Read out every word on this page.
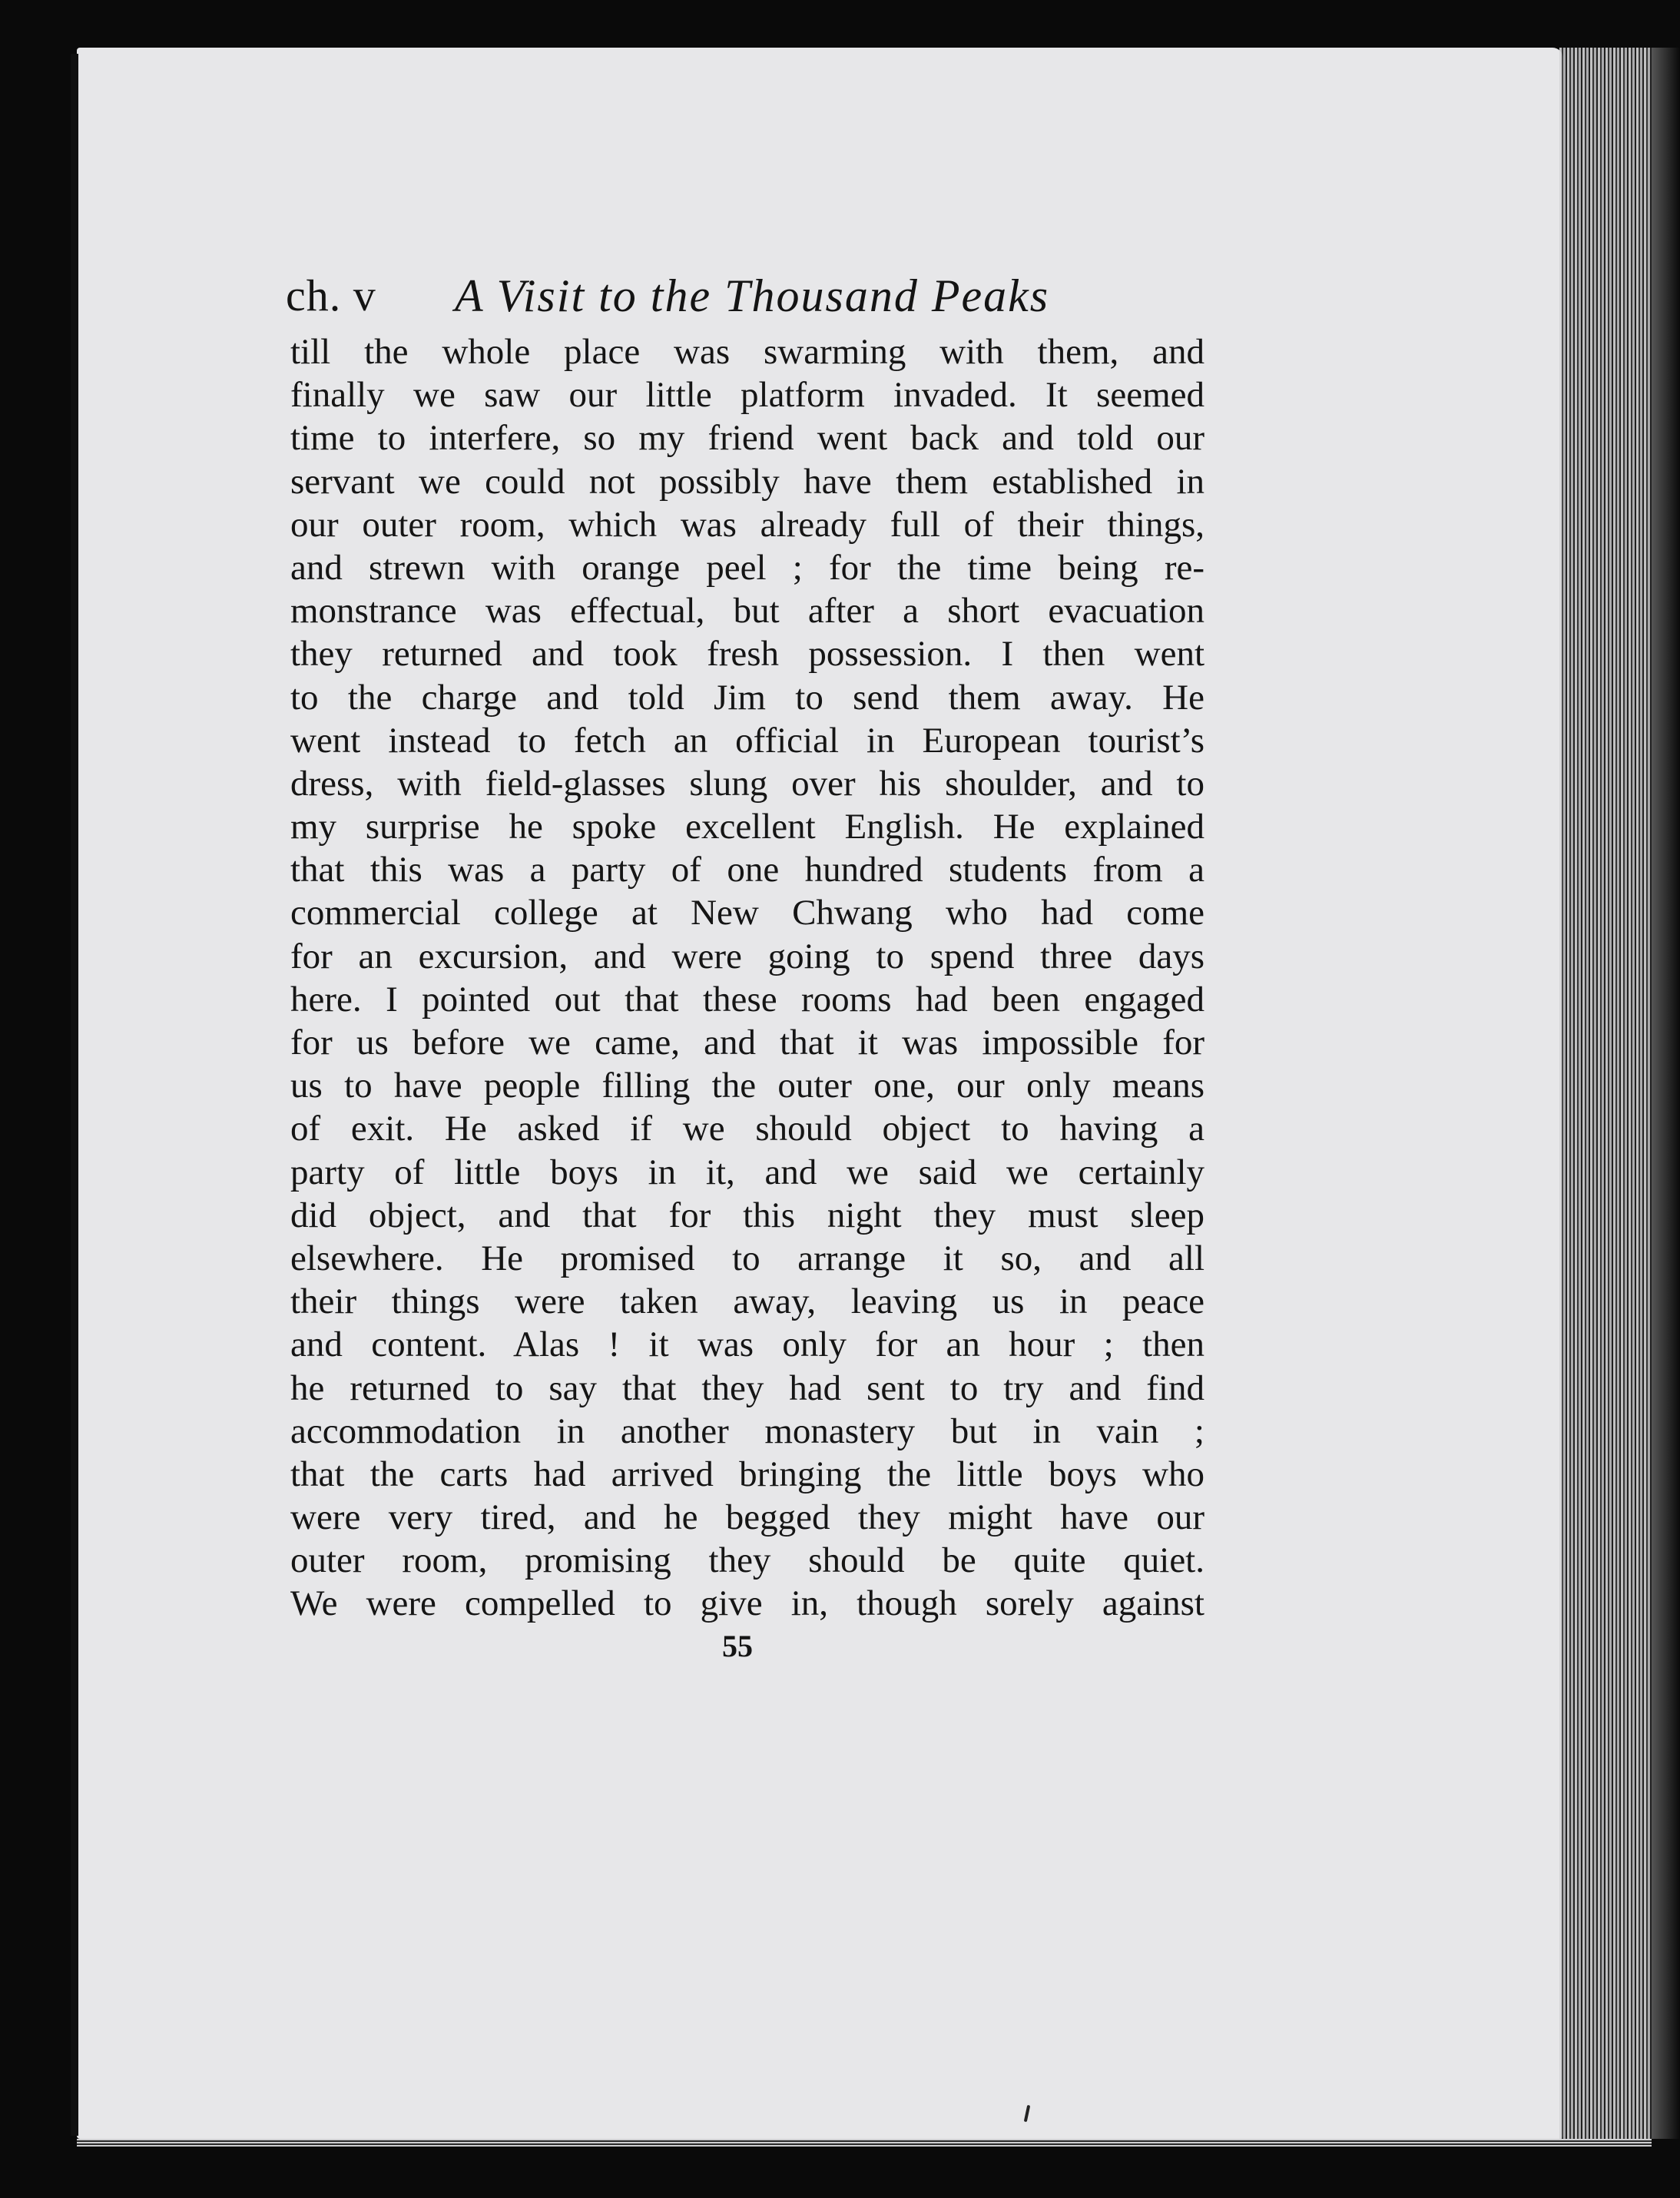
ch. v A Visit to the Thousand Peaks
till the whole place was swarming with them, and
finally we saw our little platform invaded. It seemed
time to interfere, so my friend went back and told our
servant we could not possibly have them established in
our outer room, which was already full of their things,
and strewn with orange peel ; for the time being re-
monstrance was effectual, but after a short evacuation
they returned and took fresh possession. I then went
to the charge and told Jim to send them away. He
went instead to fetch an official in European tourist’s
dress, with field-glasses slung over his shoulder, and to
my surprise he spoke excellent English. He explained
that this was a party of one hundred students from a
commercial college at New Chwang who had come
for an excursion, and were going to spend three days
here. I pointed out that these rooms had been engaged
for us before we came, and that it was impossible for
us to have people filling the outer one, our only means
of exit. He asked if we should object to having a
party of little boys in it, and we said we certainly
did object, and that for this night they must sleep
elsewhere. He promised to arrange it so, and all
their things were taken away, leaving us in peace
and content. Alas ! it was only for an hour ; then
he returned to say that they had sent to try and find
accommodation in another monastery but in vain ;
that the carts had arrived bringing the little boys who
were very tired, and he begged they might have our
outer room, promising they should be quite quiet.
We were compelled to give in, though sorely against
55
